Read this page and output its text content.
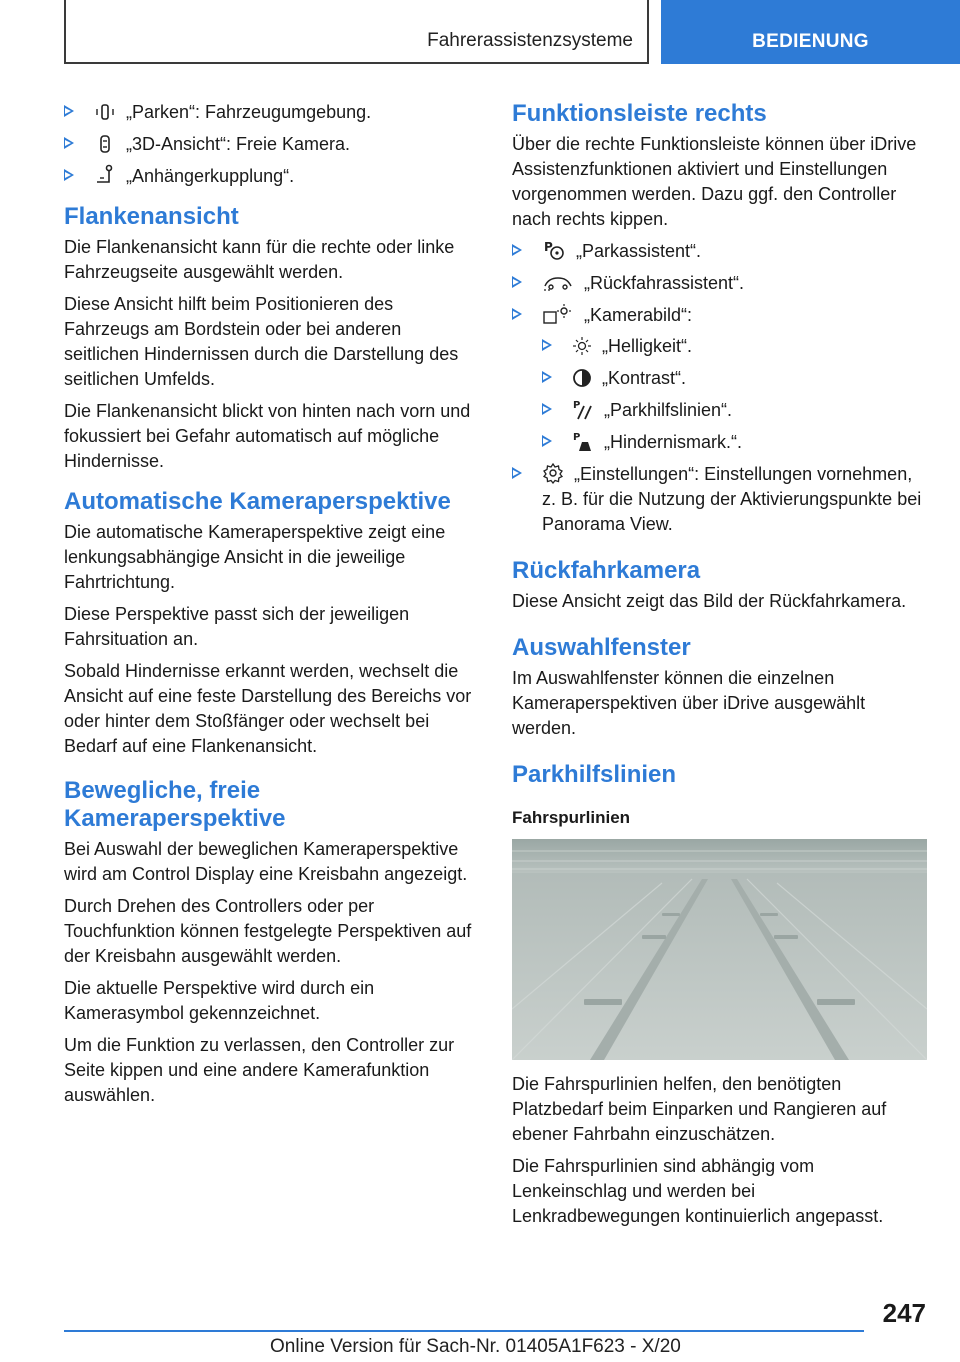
Fahrerassistenzsysteme	BEDIENUNG
„Parken“: Fahrzeugumgebung.
„3D-Ansicht“: Freie Kamera.
„Anhängerkupplung“.
Flankenansicht

Die Flankenansicht kann für die rechte oder linke Fahrzeugseite ausgewählt werden.

Diese Ansicht hilft beim Positionieren des Fahrzeugs am Bordstein oder bei anderen seitlichen Hindernissen durch die Darstellung des seitlichen Umfelds.

Die Flankenansicht blickt von hinten nach vorn und fokussiert bei Gefahr automatisch auf mögliche Hindernisse.

Automatische Kameraperspektive

Die automatische Kameraperspektive zeigt eine lenkungsabhängige Ansicht in die jeweilige Fahrtrichtung.

Diese Perspektive passt sich der jeweiligen Fahrsituation an.

Sobald Hindernisse erkannt werden, wechselt die Ansicht auf eine feste Darstellung des Bereichs vor oder hinter dem Stoßfänger oder wechselt bei Bedarf auf eine Flankenansicht.

Bewegliche, freie Kameraperspektive

Bei Auswahl der beweglichen Kameraperspektive wird am Control Display eine Kreisbahn angezeigt.

Durch Drehen des Controllers oder per Touchfunktion können festgelegte Perspektiven auf der Kreisbahn ausgewählt werden.

Die aktuelle Perspektive wird durch ein Kamerasymbol gekennzeichnet.

Um die Funktion zu verlassen, den Controller zur Seite kippen und eine andere Kamerafunktion auswählen.

Funktionsleiste rechts

Über die rechte Funktionsleiste können über iDrive Assistenzfunktionen aktiviert und Einstellungen vorgenommen werden. Dazu ggf. den Controller nach rechts kippen.

P „Parkassistent“.
„Rückfahrassistent“.
„Kamerabild“:
„Helligkeit“.
„Kontrast“.
P „Parkhilfslinien“.
P „Hindernismark.“.
„Einstellungen“: Einstellungen vornehmen, z. B. für die Nutzung der Aktivierungspunkte bei Panorama View.
Rückfahrkamera

Diese Ansicht zeigt das Bild der Rückfahrkamera.

Auswahlfenster

Im Auswahlfenster können die einzelnen Kameraperspektiven über iDrive ausgewählt werden.

Parkhilfslinien
Fahrspurlinien

Die Fahrspurlinien helfen, den benötigten Platzbedarf beim Einparken und Rangieren auf ebener Fahrbahn einzuschätzen.

Die Fahrspurlinien sind abhängig vom Lenkeinschlag und werden bei Lenkradbewegungen kontinuierlich angepasst.

247
Online Version für Sach-Nr. 01405A1F623 - X/20
